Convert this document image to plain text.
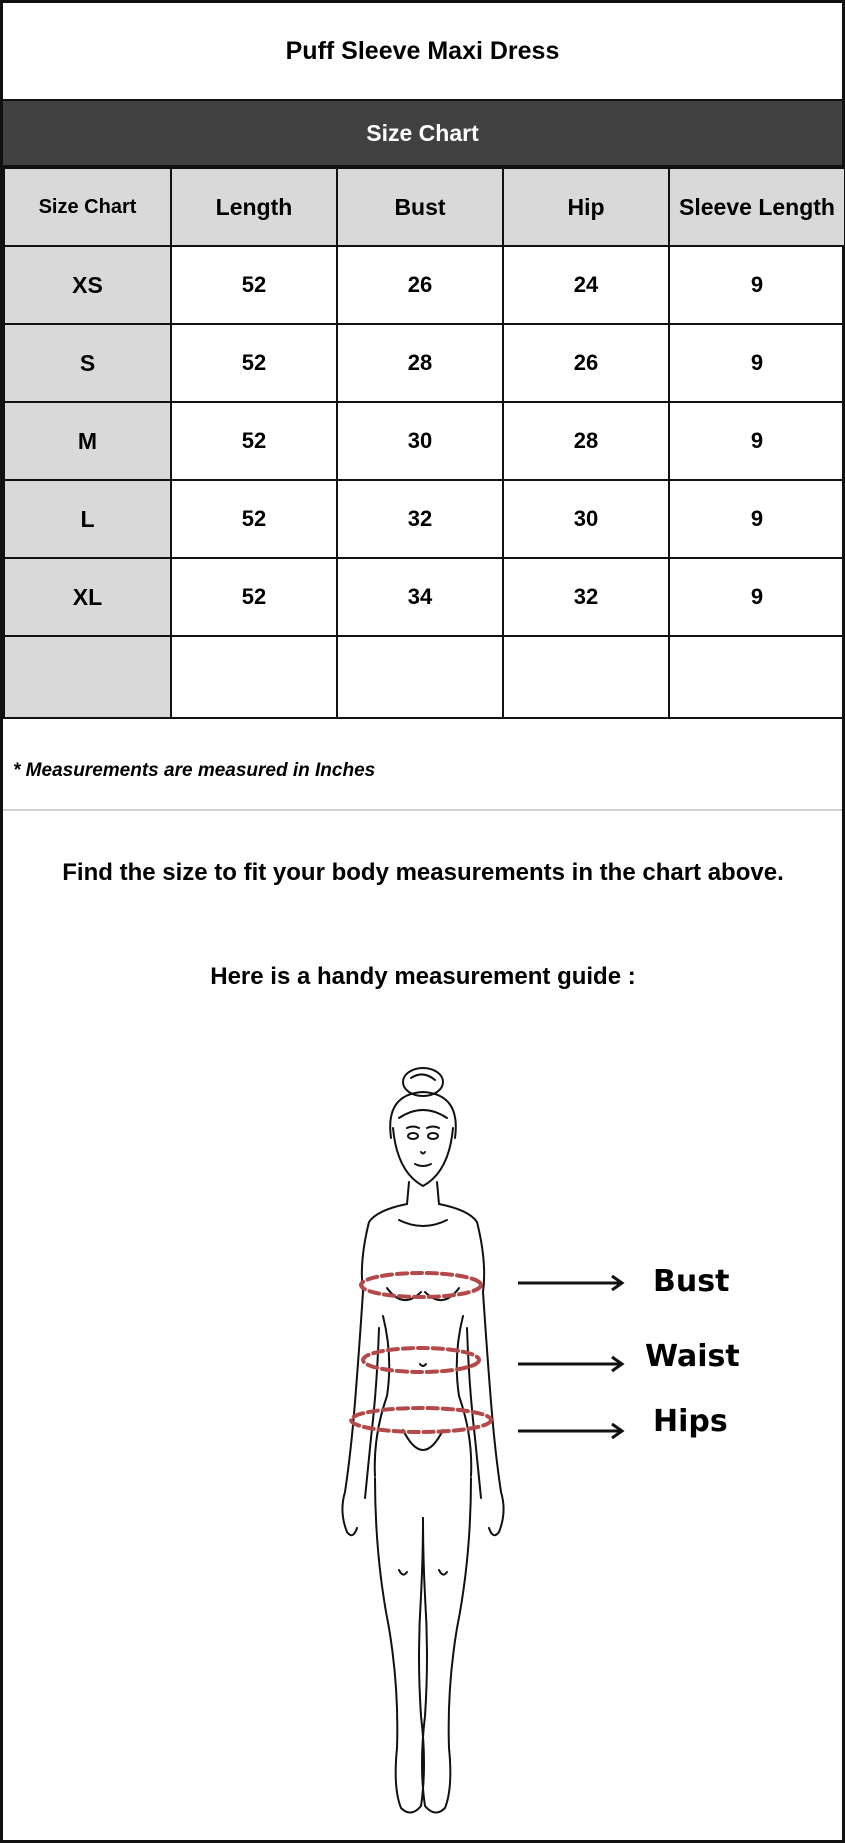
Puff Sleeve Maxi Dress
Size Chart
Size Chart	Length	Bust	Hip	Sleeve Length
XS	52	26	24	9
S	52	28	26	9
M	52	30	28	9
L	52	32	30	9
XL	52	34	32	9

* Measurements are measured in Inches
Find the size to fit your body measurements in the chart above.
Here is a handy measurement guide :
Bust
Waist
Hips
